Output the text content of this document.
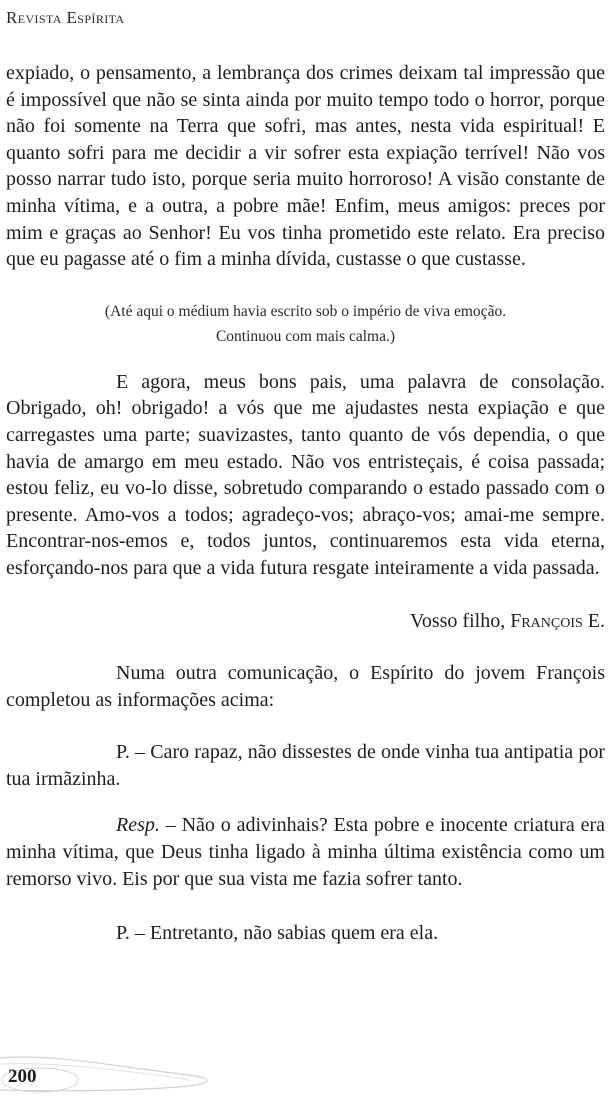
Revista Espírita

expiado, o pensamento, a lembrança dos crimes deixam tal impressão que é impossível que não se sinta ainda por muito tempo todo o horror, porque não foi somente na Terra que sofri, mas antes, nesta vida espiritual! E quanto sofri para me decidir a vir sofrer esta expiação terrível! Não vos posso narrar tudo isto, porque seria muito horroroso! A visão constante de minha vítima, e a outra, a pobre mãe! Enfim, meus amigos: preces por mim e graças ao Senhor! Eu vos tinha prometido este relato. Era preciso que eu pagasse até o fim a minha dívida, custasse o que custasse.

(Até aqui o médium havia escrito sob o império de viva emoção.

Continuou com mais calma.)

E agora, meus bons pais, uma palavra de consolação. Obrigado, oh! obrigado! a vós que me ajudastes nesta expiação e que carregastes uma parte; suavizastes, tanto quanto de vós dependia, o que havia de amargo em meu estado. Não vos entristeçais, é coisa passada; estou feliz, eu vo-lo disse, sobretudo comparando o estado passado com o presente. Amo-vos a todos; agradeço-vos; abraço-vos; amai-me sempre. Encontrar-nos-emos e, todos juntos, continuaremos esta vida eterna, esforçando-nos para que a vida futura resgate inteiramente a vida passada.

Vosso filho, François E.

Numa outra comunicação, o Espírito do jovem François completou as informações acima:

P. – Caro rapaz, não dissestes de onde vinha tua antipatia por tua irmãzinha.

Resp. – Não o adivinhais? Esta pobre e inocente criatura era minha vítima, que Deus tinha ligado à minha última existência como um remorso vivo. Eis por que sua vista me fazia sofrer tanto.

P. – Entretanto, não sabias quem era ela.

200
